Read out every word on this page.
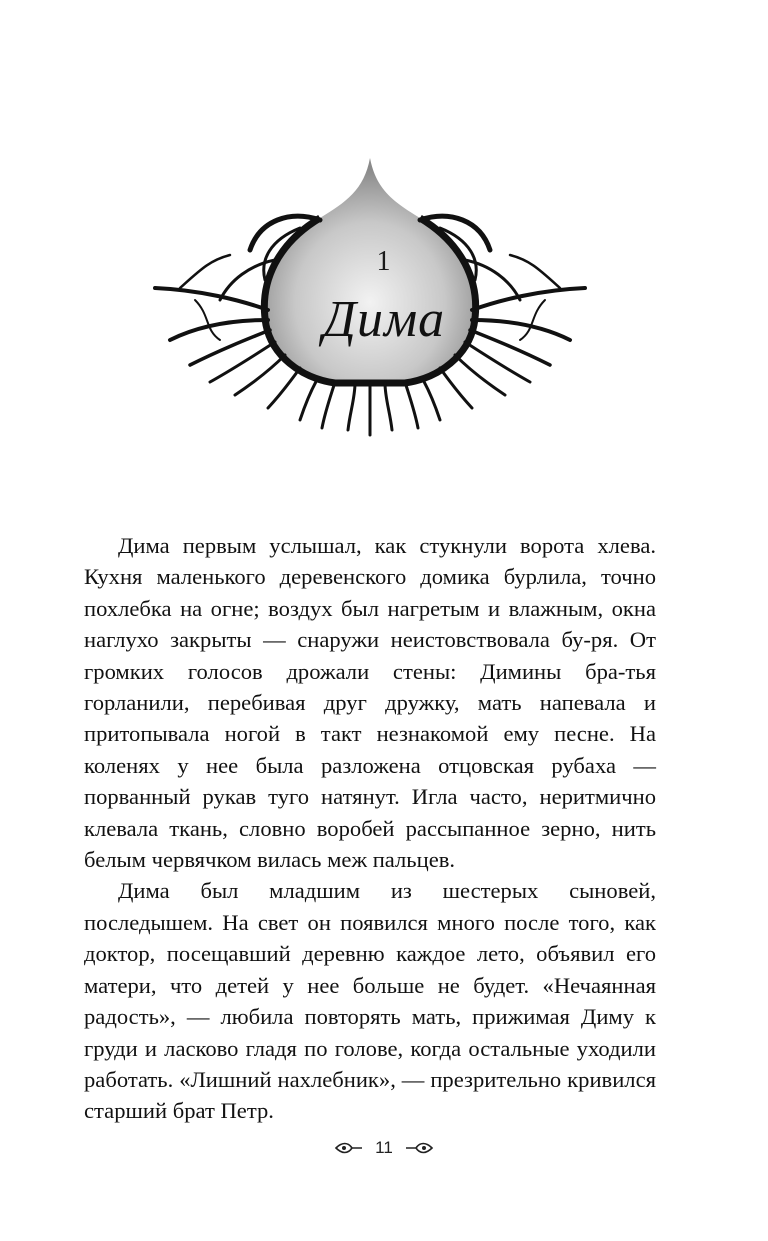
1
Дима

Дима первым услышал, как стукнули ворота хлева. Кухня маленького деревенского домика бурлила, точно похлебка на огне; воздух был нагретым и влажным, окна наглухо закрыты — снаружи неистовствовала бу-ря. От громких голосов дрожали стены: Димины бра-тья горланили, перебивая друг дружку, мать напевала и притопывала ногой в такт незнакомой ему песне. На коленях у нее была разложена отцовская рубаха — порванный рукав туго натянут. Игла часто, неритмично клевала ткань, словно воробей рассыпанное зерно, нить белым червячком вилась меж пальцев.

Дима был младшим из шестерых сыновей, последышем. На свет он появился много после того, как доктор, посещавший деревню каждое лето, объявил его матери, что детей у нее больше не будет. «Нечаянная радость», — любила повторять мать, прижимая Диму к груди и ласково гладя по голове, когда остальные уходили работать. «Лишний нахлебник», — презрительно кривился старший брат Петр.

11
